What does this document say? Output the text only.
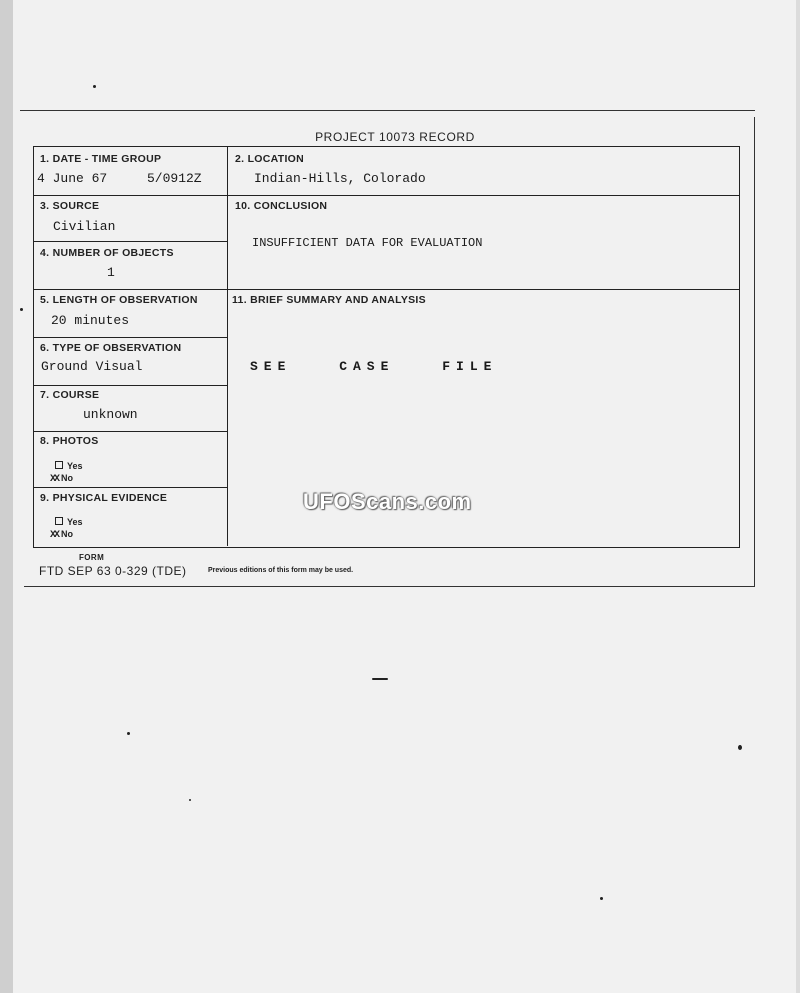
PROJECT 10073 RECORD
1. DATE - TIME GROUP
4 June 67	5/0912Z
2. LOCATION
Indian-Hills, Colorado
3. SOURCE
Civilian
4. NUMBER OF OBJECTS
1
10. CONCLUSION
INSUFFICIENT DATA FOR EVALUATION
5. LENGTH OF OBSERVATION
20 minutes
11. BRIEF SUMMARY AND ANALYSIS
SEE CASE FILE
6. TYPE OF OBSERVATION
Ground Visual
7. COURSE
unknown
8. PHOTOS
Yes
XX No
9. PHYSICAL EVIDENCE
Yes
XX No
FORM
FTD SEP 63 0-329 (TDE)	Previous editions of this form may be used.
UFOScans.com
